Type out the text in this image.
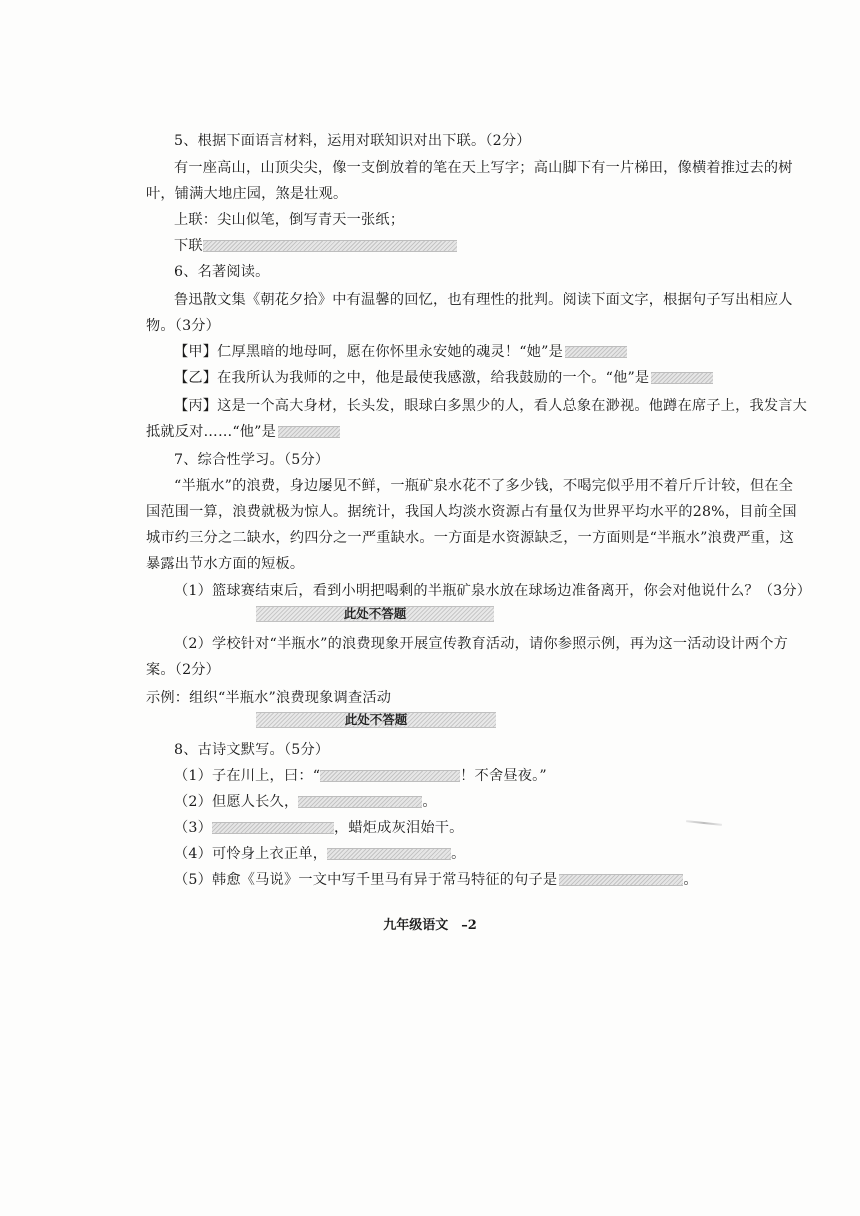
5、根据下面语言材料，运用对联知识对出下联。（2分）
有一座高山，山顶尖尖，像一支倒放着的笔在天上写字；高山脚下有一片梯田，像横着推过去的树
叶，铺满大地庄园，煞是壮观。
上联：尖山似笔，倒写青天一张纸；
下联
6、名著阅读。
鲁迅散文集《朝花夕拾》中有温馨的回忆，也有理性的批判。阅读下面文字，根据句子写出相应人
物。（3分）
【甲】仁厚黑暗的地母呵，愿在你怀里永安她的魂灵！“她”是
【乙】在我所认为我师的之中，他是最使我感激，给我鼓励的一个。“他”是
【丙】这是一个高大身材，长头发，眼球白多黑少的人，看人总象在渺视。他蹲在席子上，我发言大
抵就反对……“他”是
7、综合性学习。（5分）
“半瓶水”的浪费，身边屡见不鲜，一瓶矿泉水花不了多少钱，不喝完似乎用不着斤斤计较，但在全
国范围一算，浪费就极为惊人。据统计，我国人均淡水资源占有量仅为世界平均水平的28%，目前全国
城市约三分之二缺水，约四分之一严重缺水。一方面是水资源缺乏，一方面则是“半瓶水”浪费严重，这
暴露出节水方面的短板。
（1）篮球赛结束后，看到小明把喝剩的半瓶矿泉水放在球场边准备离开，你会对他说什么？（3分）
此处不答题
（2）学校针对“半瓶水”的浪费现象开展宣传教育活动，请你参照示例，再为这一活动设计两个方
案。（2分）
示例：组织“半瓶水”浪费现象调查活动
此处不答题
8、古诗文默写。（5分）
（1）子在川上，曰：“	！不舍昼夜。”
（2）但愿人长久，	。
（3）	，蜡炬成灰泪始干。
（4）可怜身上衣正单，	。
（5）韩愈《马说》一文中写千里马有异于常马特征的句子是	。
九年级语文　–2
